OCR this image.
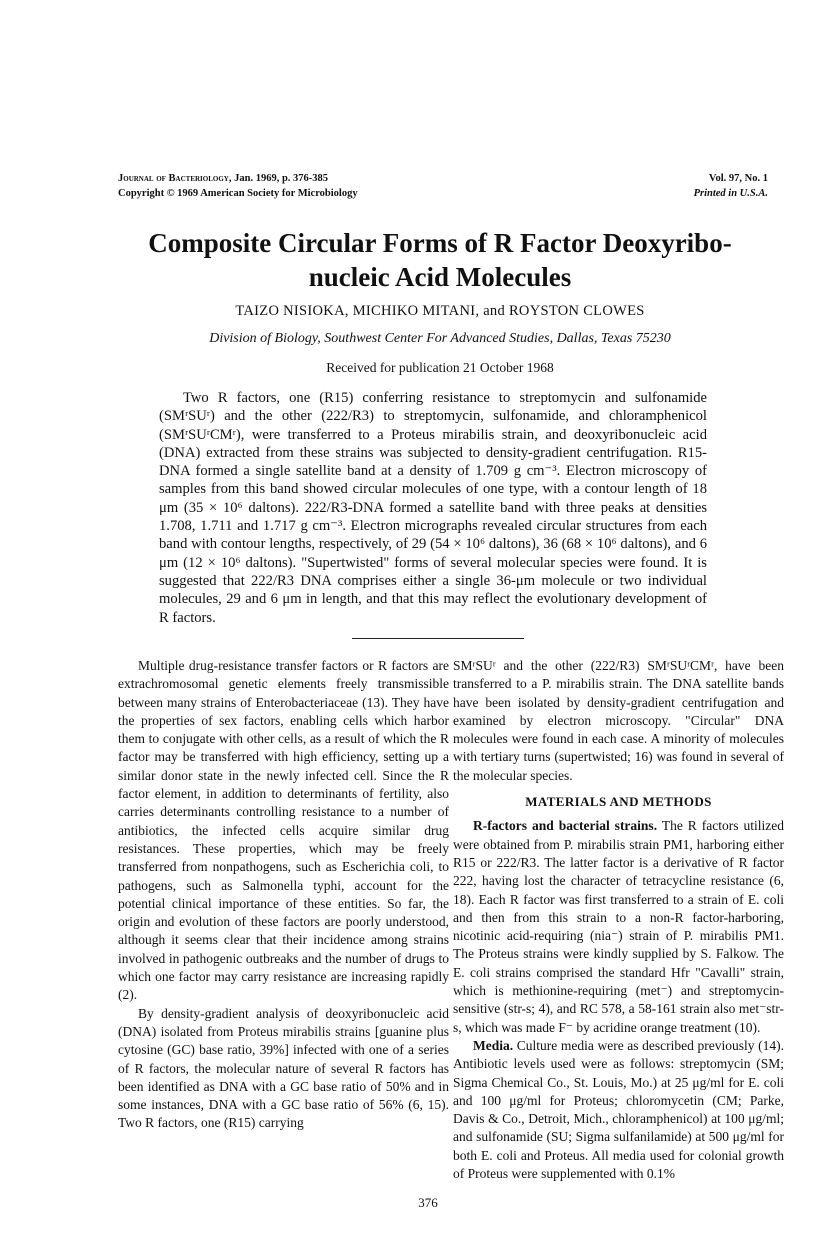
Journal of Bacteriology, Jan. 1969, p. 376-385
Copyright © 1969 American Society for Microbiology
Vol. 97, No. 1
Printed in U.S.A.
Composite Circular Forms of R Factor Deoxyribo-
nucleic Acid Molecules
TAIZO NISIOKA, MICHIKO MITANI, and ROYSTON CLOWES
Division of Biology, Southwest Center For Advanced Studies, Dallas, Texas 75230
Received for publication 21 October 1968

Two R factors, one (R15) conferring resistance to streptomycin and sulfonamide (SMʳSUʳ) and the other (222/R3) to streptomycin, sulfonamide, and chloramphenicol (SMʳSUʳCMʳ), were transferred to a Proteus mirabilis strain, and deoxyribonucleic acid (DNA) extracted from these strains was subjected to density-gradient centrifugation. R15-DNA formed a single satellite band at a density of 1.709 g cm⁻³. Electron microscopy of samples from this band showed circular molecules of one type, with a contour length of 18 μm (35 × 10⁶ daltons). 222/R3-DNA formed a satellite band with three peaks at densities 1.708, 1.711 and 1.717 g cm⁻³. Electron micrographs revealed circular structures from each band with contour lengths, respectively, of 29 (54 × 10⁶ daltons), 36 (68 × 10⁶ daltons), and 6 μm (12 × 10⁶ daltons). "Supertwisted" forms of several molecular species were found. It is suggested that 222/R3 DNA comprises either a single 36-μm molecule or two individual molecules, 29 and 6 μm in length, and that this may reflect the evolutionary development of R factors.

Multiple drug-resistance transfer factors or R factors are extrachromosomal genetic elements freely transmissible between many strains of Enterobacteriaceae (13). They have the properties of sex factors, enabling cells which harbor them to conjugate with other cells, as a result of which the R factor may be transferred with high efficiency, setting up a similar donor state in the newly infected cell. Since the R factor element, in addition to determinants of fertility, also carries determinants controlling resistance to a number of antibiotics, the infected cells acquire similar drug resistances. These properties, which may be freely transferred from nonpathogens, such as Escherichia coli, to pathogens, such as Salmonella typhi, account for the potential clinical importance of these entities. So far, the origin and evolution of these factors are poorly understood, although it seems clear that their incidence among strains involved in pathogenic outbreaks and the number of drugs to which one factor may carry resistance are increasing rapidly (2).

By density-gradient analysis of deoxyribonucleic acid (DNA) isolated from Proteus mirabilis strains [guanine plus cytosine (GC) base ratio, 39%] infected with one of a series of R factors, the molecular nature of several R factors has been identified as DNA with a GC base ratio of 50% and in some instances, DNA with a GC base ratio of 56% (6, 15). Two R factors, one (R15) carrying

SMʳSUʳ and the other (222/R3) SMʳSUʳCMʳ, have been transferred to a P. mirabilis strain. The DNA satellite bands have been isolated by density-gradient centrifugation and examined by electron microscopy. "Circular" DNA molecules were found in each case. A minority of molecules with tertiary turns (supertwisted; 16) was found in several of the molecular species.

MATERIALS AND METHODS

R-factors and bacterial strains. The R factors utilized were obtained from P. mirabilis strain PM1, harboring either R15 or 222/R3. The latter factor is a derivative of R factor 222, having lost the character of tetracycline resistance (6, 18). Each R factor was first transferred to a strain of E. coli and then from this strain to a non-R factor-harboring, nicotinic acid-requiring (nia⁻) strain of P. mirabilis PM1. The Proteus strains were kindly supplied by S. Falkow. The E. coli strains comprised the standard Hfr "Cavalli" strain, which is methionine-requiring (met⁻) and streptomycin-sensitive (str-s; 4), and RC 578, a 58-161 strain also met⁻str-s, which was made F⁻ by acridine orange treatment (10).

Media. Culture media were as described previously (14). Antibiotic levels used were as follows: streptomycin (SM; Sigma Chemical Co., St. Louis, Mo.) at 25 μg/ml for E. coli and 100 μg/ml for Proteus; chloromycetin (CM; Parke, Davis & Co., Detroit, Mich., chloramphenicol) at 100 μg/ml; and sulfonamide (SU; Sigma sulfanilamide) at 500 μg/ml for both E. coli and Proteus. All media used for colonial growth of Proteus were supplemented with 0.1%

376
